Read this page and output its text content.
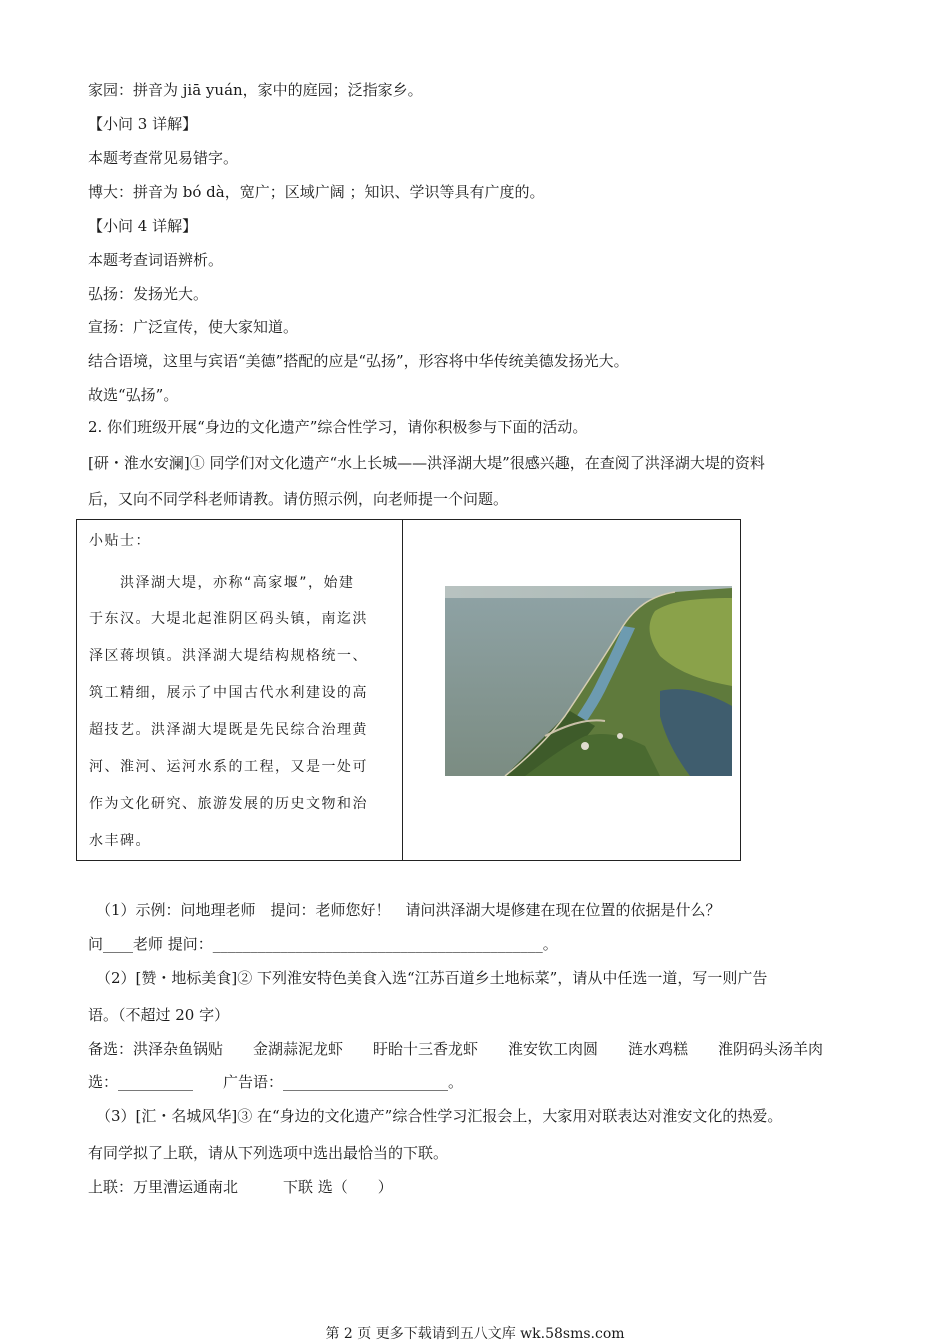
家园：拼音为 jiā yuán，家中的庭园；泛指家乡。
【小问 3 详解】
本题考查常见易错字。
博大：拼音为 bó dà，宽广；区域广阔 ；知识、学识等具有广度的。
【小问 4 详解】
本题考查词语辨析。
弘扬：发扬光大。
宣扬：广泛宣传，使大家知道。
结合语境，这里与宾语“美德”搭配的应是“弘扬”，形容将中华传统美德发扬光大。
故选“弘扬”。
2. 你们班级开展“身边的文化遗产”综合性学习，请你积极参与下面的活动。
[研・淮水安澜]① 同学们对文化遗产“水上长城——洪泽湖大堤”很感兴趣，在查阅了洪泽湖大堤的资料
后，又向不同学科老师请教。请仿照示例，向老师提一个问题。
小贴士：
　　洪泽湖大堤，亦称“高家堰”，始建
于东汉。大堤北起淮阴区码头镇，南迄洪
泽区蒋坝镇。洪泽湖大堤结构规格统一、
筑工精细，展示了中国古代水利建设的高
超技艺。洪泽湖大堤既是先民综合治理黄
河、淮河、运河水系的工程，又是一处可
作为文化研究、旅游发展的历史文物和治
水丰碑。
（1）示例：问地理老师　提问：老师您好！　请问洪泽湖大堤修建在现在位置的依据是什么？
问____老师 提问：____________________________________________。
（2）[赞・地标美食]② 下列淮安特色美食入选“江苏百道乡土地标菜”，请从中任选一道，写一则广告
语。（不超过 20 字）
备选：洪泽杂鱼锅贴　　金湖蒜泥龙虾　　盱眙十三香龙虾　　淮安钦工肉圆　　涟水鸡糕　　淮阴码头汤羊肉
选：__________　　广告语：______________________。
（3）[汇・名城风华]③ 在“身边的文化遗产”综合性学习汇报会上，大家用对联表达对淮安文化的热爱。
有同学拟了上联，请从下列选项中选出最恰当的下联。
上联：万里漕运通南北　　　下联 选（　　）
第 2 页 更多下载请到五八文库 wk.58sms.com
